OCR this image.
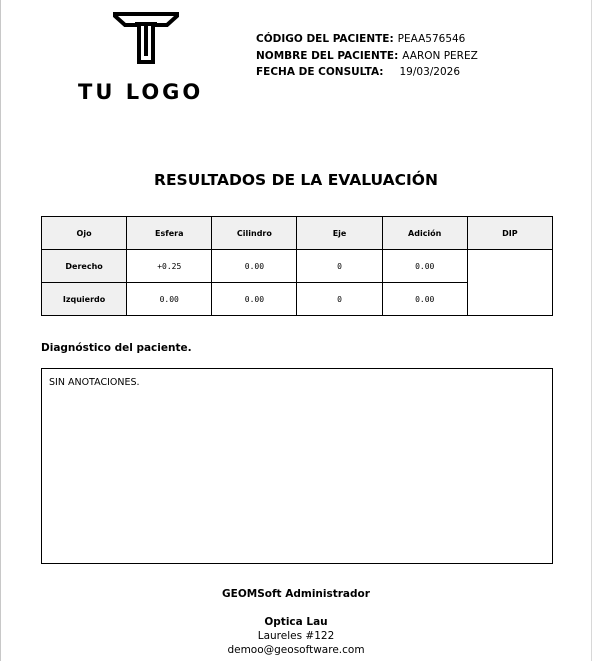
TU LOGO
CÓDIGO DEL PACIENTE: PEAA576546
NOMBRE DEL PACIENTE: AARON PEREZ
FECHA DE CONSULTA: 19/03/2026
RESULTADOS DE LA EVALUACIÓN
Ojo	Esfera	Cilindro	Eje	Adición	DIP
Derecho	+0.25	0.00	0	0.00	
Izquierdo	0.00	0.00	0	0.00	
Diagnóstico del paciente.
SIN ANOTACIONES.
GEOMSoft Administrador
Optica Lau
Laureles #122
demoo@geosoftware.com
